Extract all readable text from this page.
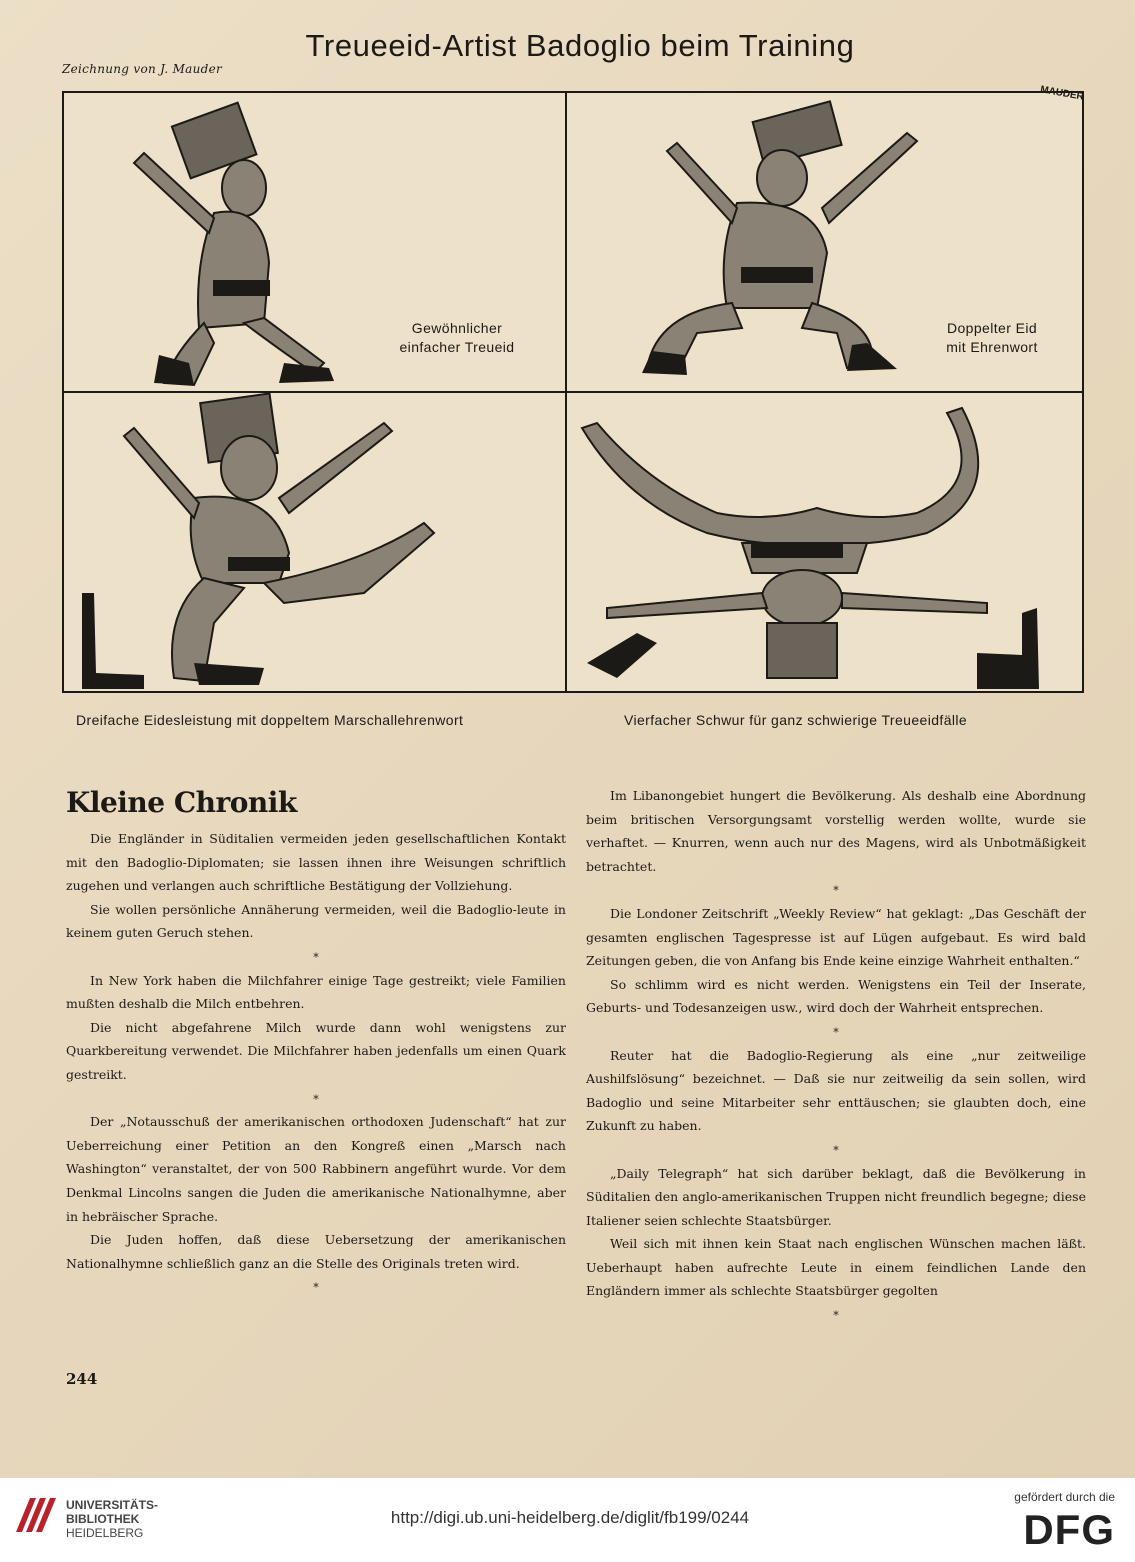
Zeichnung von J. Mauder
Treueeid-Artist Badoglio beim Training
MAUDER
Gewöhnlicher
einfacher Treueid
Doppelter Eid
mit Ehrenwort
Dreifache Eidesleistung mit doppeltem Marschallehrenwort	Vierfacher Schwur für ganz schwierige Treueeidfälle
Kleine Chronik

Die Engländer in Süditalien vermeiden jeden gesellschaftlichen Kontakt mit den Badoglio-Diplomaten; sie lassen ihnen ihre Weisungen schriftlich zugehen und verlangen auch schriftliche Bestätigung der Vollziehung.

Sie wollen persönliche Annäherung vermeiden, weil die Badoglio-leute in keinem guten Geruch stehen.

*

In New York haben die Milchfahrer einige Tage gestreikt; viele Familien mußten deshalb die Milch entbehren.

Die nicht abgefahrene Milch wurde dann wohl wenigstens zur Quarkbereitung verwendet. Die Milchfahrer haben jedenfalls um einen Quark gestreikt.

*

Der „Notausschuß der amerikanischen orthodoxen Judenschaft“ hat zur Ueberreichung einer Petition an den Kongreß einen „Marsch nach Washington“ veranstaltet, der von 500 Rabbinern angeführt wurde. Vor dem Denkmal Lincolns sangen die Juden die amerikanische Nationalhymne, aber in hebräischer Sprache.

Die Juden hoffen, daß diese Uebersetzung der amerikanischen Nationalhymne schließlich ganz an die Stelle des Originals treten wird.

*

Im Libanongebiet hungert die Bevölkerung. Als deshalb eine Abordnung beim britischen Versorgungsamt vorstellig werden wollte, wurde sie verhaftet. — Knurren, wenn auch nur des Magens, wird als Unbotmäßigkeit betrachtet.

*

Die Londoner Zeitschrift „Weekly Review“ hat geklagt: „Das Geschäft der gesamten englischen Tagespresse ist auf Lügen aufgebaut. Es wird bald Zeitungen geben, die von Anfang bis Ende keine einzige Wahrheit enthalten.“

So schlimm wird es nicht werden. Wenigstens ein Teil der Inserate, Geburts- und Todesanzeigen usw., wird doch der Wahrheit entsprechen.

*

Reuter hat die Badoglio-Regierung als eine „nur zeitweilige Aushilfslösung“ bezeichnet. — Daß sie nur zeitweilig da sein sollen, wird Badoglio und seine Mitarbeiter sehr enttäuschen; sie glaubten doch, eine Zukunft zu haben.

*

„Daily Telegraph“ hat sich darüber beklagt, daß die Bevölkerung in Süditalien den anglo-amerikanischen Truppen nicht freundlich begegne; diese Italiener seien schlechte Staatsbürger.

Weil sich mit ihnen kein Staat nach englischen Wünschen machen läßt. Ueberhaupt haben aufrechte Leute in einem feindlichen Lande den Engländern immer als schlechte Staatsbürger gegolten

*
244
UNIVERSITÄTS-
BIBLIOTHEK
HEIDELBERG
http://digi.ub.uni-heidelberg.de/diglit/fb199/0244
gefördert durch die
DFG
